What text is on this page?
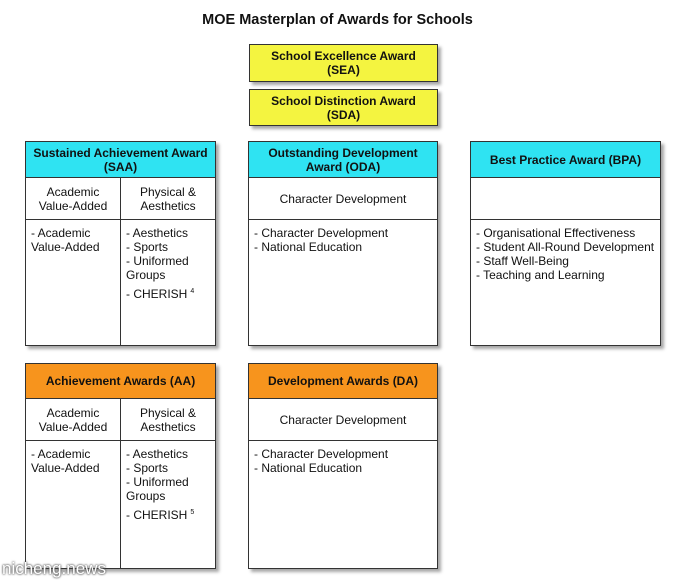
MOE Masterplan of Awards for Schools
School Excellence Award
(SEA)
School Distinction Award
(SDA)
Sustained Achievement Award
(SAA)
Academic
Value-Added
Physical &
Aesthetics
- Academic
Value-Added
- Aesthetics
- Sports
- Uniformed
Groups
- CHERISH $^4$
Outstanding Development
Award (ODA)
Character Development
- Character Development
- National Education
Best Practice Award (BPA)
- Organisational Effectiveness
- Student All-Round Development
- Staff Well-Being
- Teaching and Learning
Achievement Awards (AA)
Academic
Value-Added
Physical &
Aesthetics
- Academic
Value-Added
- Aesthetics
- Sports
- Uniformed
Groups
- CHERISH $^5$
Development Awards (DA)
Character Development
- Character Development
- National Education
nicheng.news
